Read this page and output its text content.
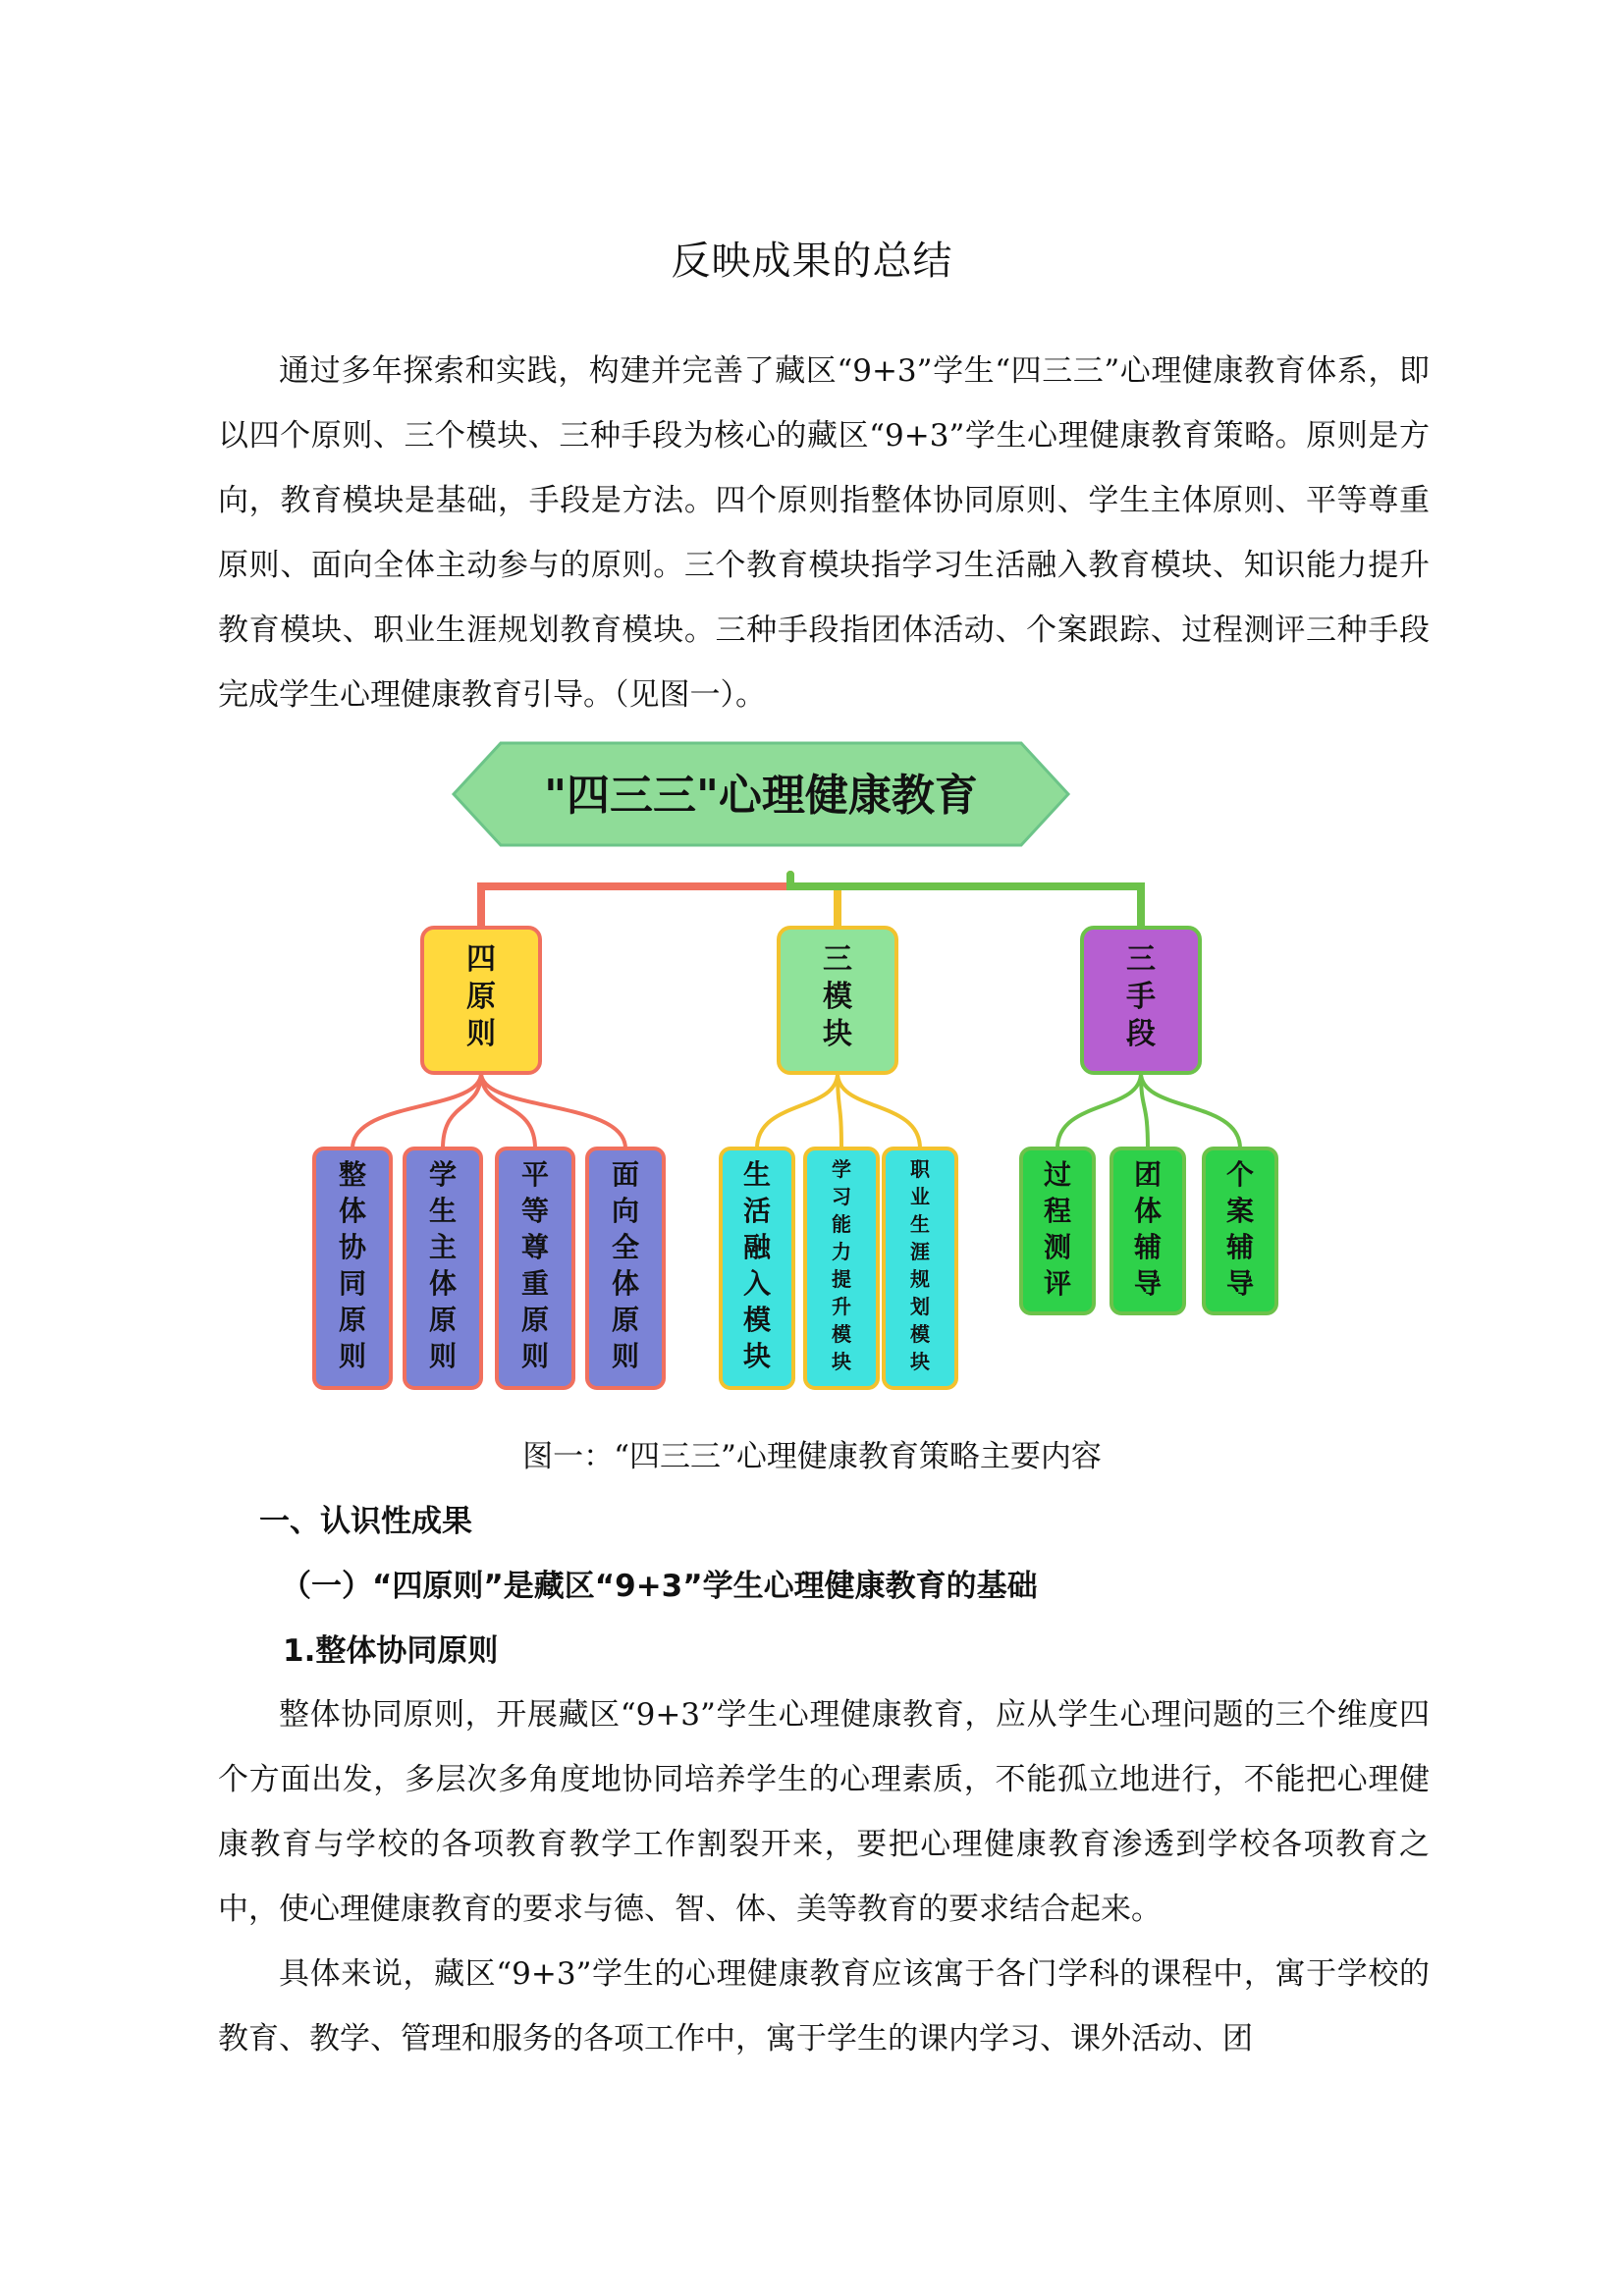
反映成果的总结

通过多年探索和实践，构建并完善了藏区“9+3”学生“四三三”心理健康教育体系，即以四个原则、三个模块、三种手段为核心的藏区“9+3”学生心理健康教育策略。原则是方向，教育模块是基础，手段是方法。四个原则指整体协同原则、学生主体原则、平等尊重原则、面向全体主动参与的原则。三个教育模块指学习生活融入教育模块、知识能力提升教育模块、职业生涯规划教育模块。三种手段指团体活动、个案跟踪、过程测评三种手段完成学生心理健康教育引导。（见图一）。

"四三三"心理健康教育
四原则
整体协同原则
学生主体原则
平等尊重原则
面向全体原则
三模块
生活融入模块
学习能力提升模块
职业生涯规划模块
三手段
过程测评
团体辅导
个案辅导

图一：“四三三”心理健康教育策略主要内容

一、认识性成果

（一）“四原则”是藏区“9+3”学生心理健康教育的基础

1.整体协同原则

整体协同原则，开展藏区“9+3”学生心理健康教育，应从学生心理问题的三个维度四个方面出发，多层次多角度地协同培养学生的心理素质，不能孤立地进行，不能把心理健康教育与学校的各项教育教学工作割裂开来，要把心理健康教育渗透到学校各项教育之中，使心理健康教育的要求与德、智、体、美等教育的要求结合起来。

具体来说，藏区“9+3”学生的心理健康教育应该寓于各门学科的课程中，寓于学校的教育、教学、管理和服务的各项工作中，寓于学生的课内学习、课外活动、团
